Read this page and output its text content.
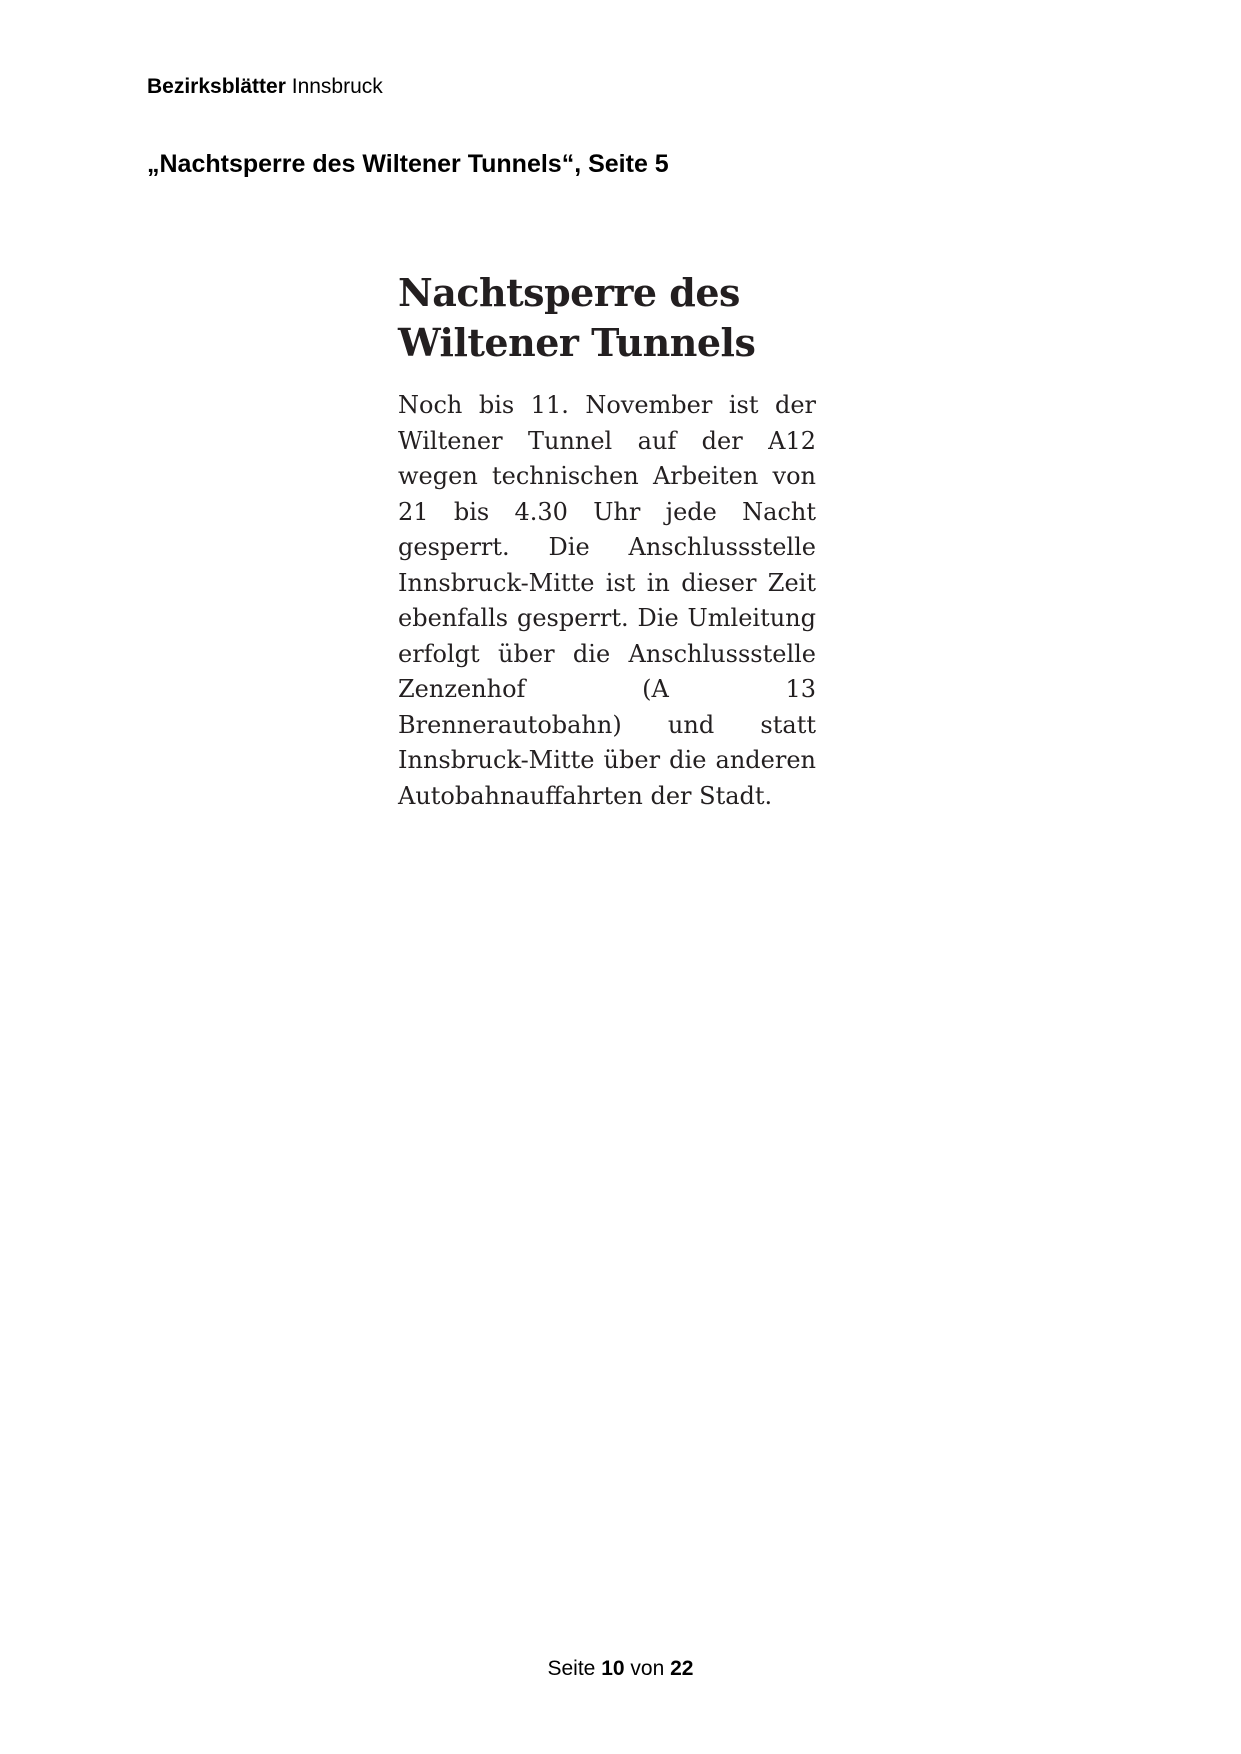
Bezirksblätter Innsbruck
„Nachtsperre des Wiltener Tunnels“, Seite 5
Nachtsperre des
Wiltener Tunnels

Noch bis 11. November ist der Wiltener Tunnel auf der A12 wegen technischen Arbeiten von 21 bis 4.30 Uhr jede Nacht gesperrt. Die Anschlussstelle Innsbruck-Mitte ist in dieser Zeit ebenfalls gesperrt. Die Umleitung erfolgt über die Anschlussstelle Zenzenhof (A 13 Brennerautobahn) und statt Innsbruck-Mitte über die anderen Autobahnauffahrten der Stadt.

Seite 10 von 22
